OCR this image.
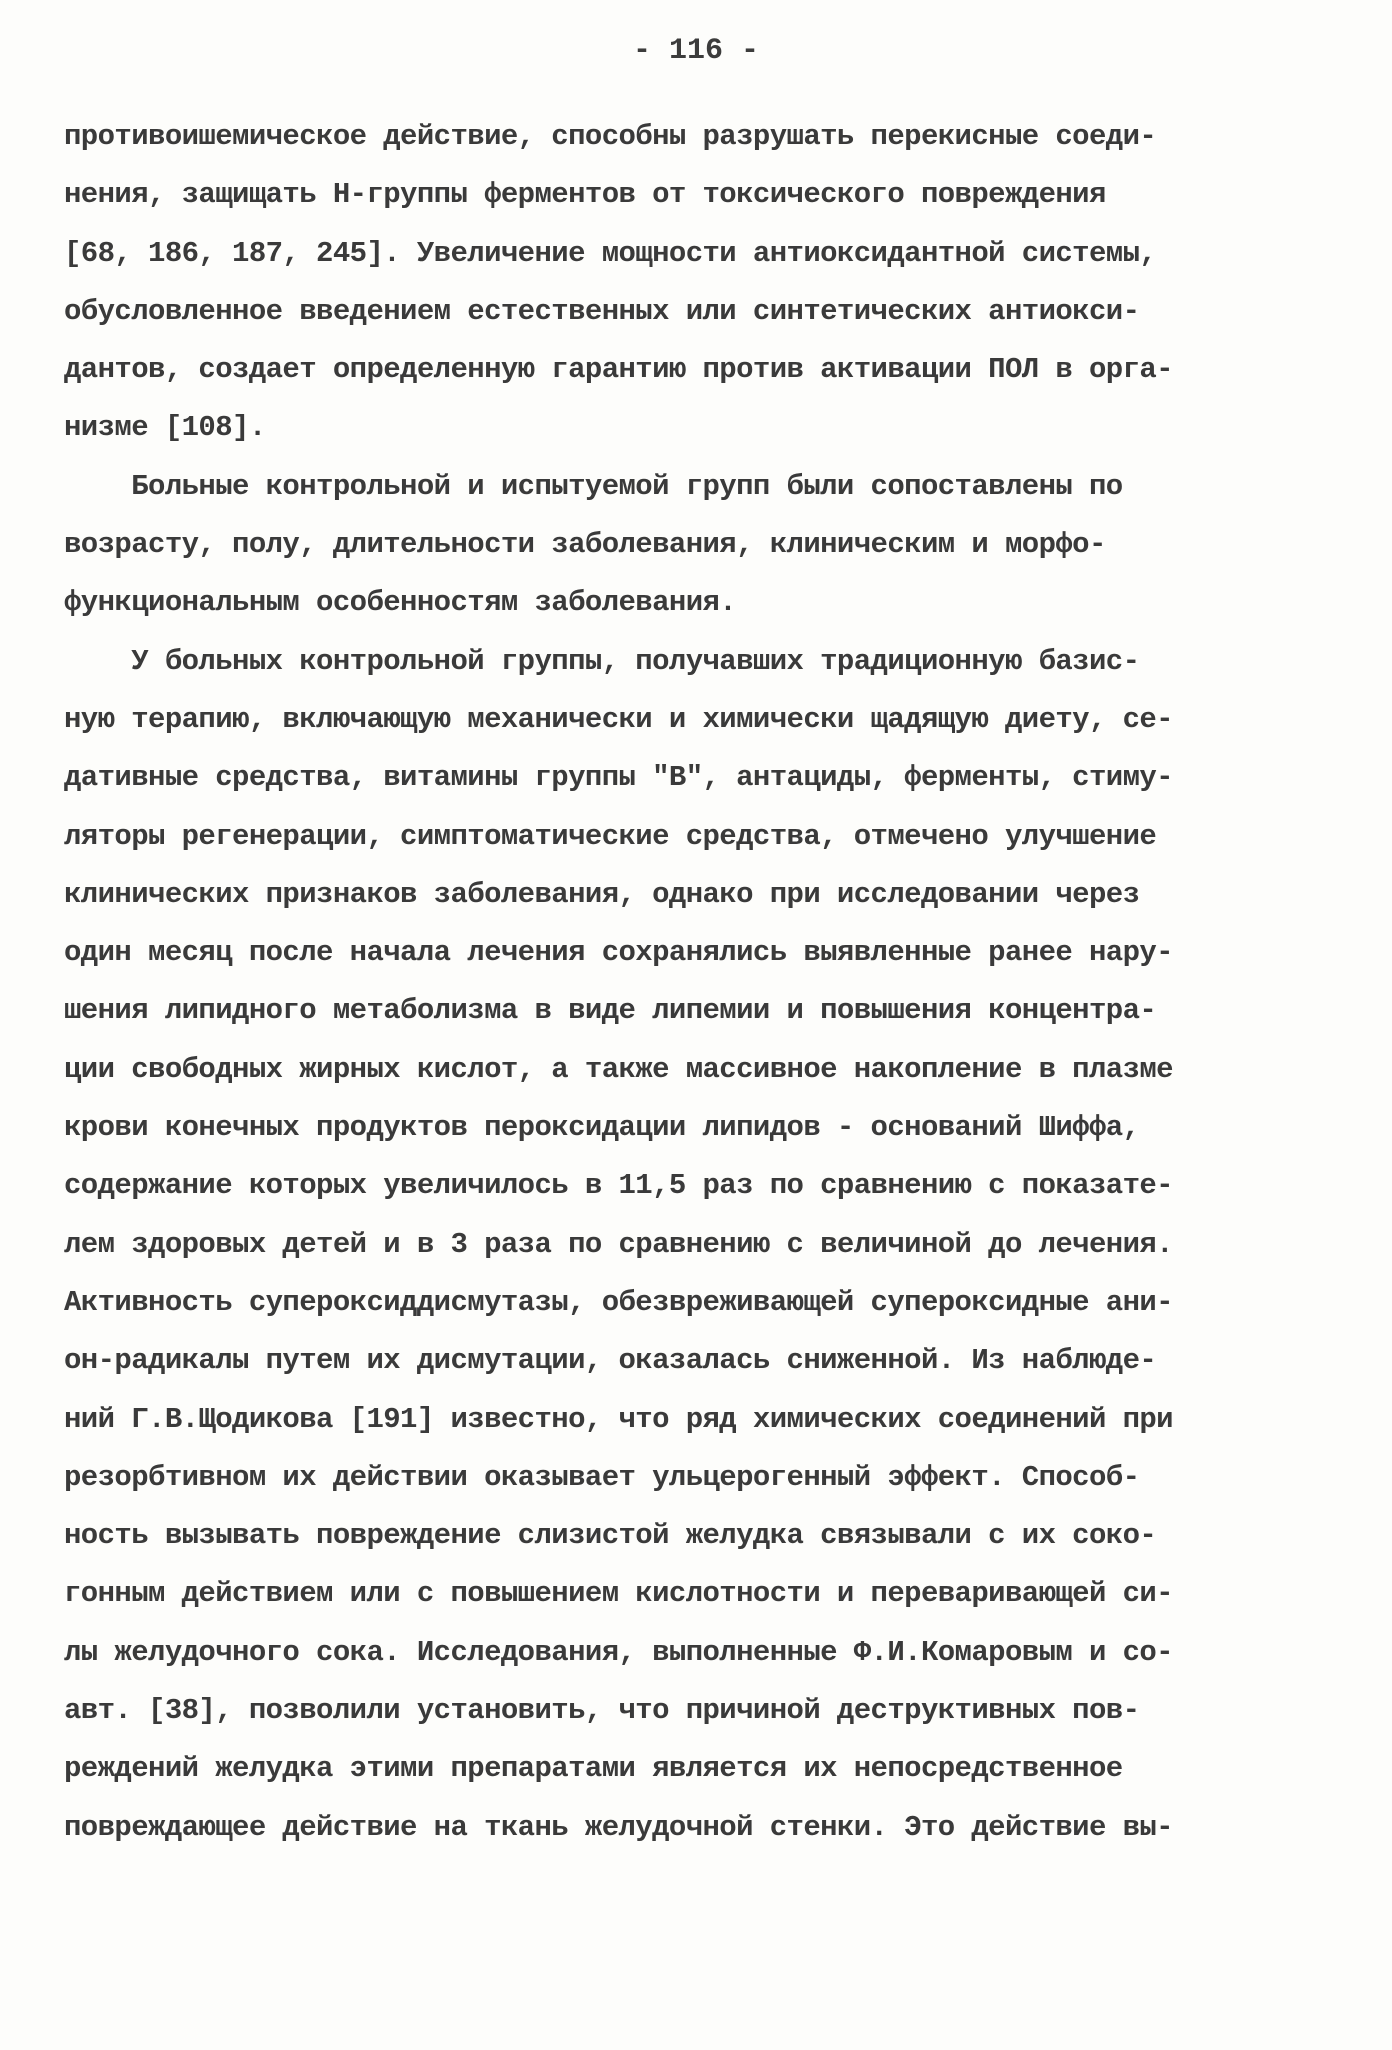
- 116 -
противоишемическое действие, способны разрушать перекисные соеди-
нения, защищать Н-группы ферментов от токсического повреждения
[68, 186, 187, 245]. Увеличение мощности антиоксидантной системы,
обусловленное введением естественных или синтетических антиокси-
дантов, создает определенную гарантию против активации ПОЛ в орга-
низме [108].
Больные контрольной и испытуемой групп были сопоставлены по
возрасту, полу, длительности заболевания, клиническим и морфо-
функциональным особенностям заболевания.
У больных контрольной группы, получавших традиционную базис-
ную терапию, включающую механически и химически щадящую диету, се-
дативные средства, витамины группы "В", антациды, ферменты, стиму-
ляторы регенерации, симптоматические средства, отмечено улучшение
клинических признаков заболевания, однако при исследовании через
один месяц после начала лечения сохранялись выявленные ранее нару-
шения липидного метаболизма в виде липемии и повышения концентра-
ции свободных жирных кислот, а также массивное накопление в плазме
крови конечных продуктов пероксидации липидов - оснований Шиффа,
содержание которых увеличилось в 11,5 раз по сравнению с показате-
лем здоровых детей и в 3 раза по сравнению с величиной до лечения.
Активность супероксиддисмутазы, обезвреживающей супероксидные ани-
он-радикалы путем их дисмутации, оказалась сниженной. Из наблюде-
ний Г.В.Щодикова [191] известно, что ряд химических соединений при
резорбтивном их действии оказывает ульцерогенный эффект. Способ-
ность вызывать повреждение слизистой желудка связывали с их соко-
гонным действием или с повышением кислотности и переваривающей си-
лы желудочного сока. Исследования, выполненные Ф.И.Комаровым и со-
авт. [38], позволили установить, что причиной деструктивных пов-
реждений желудка этими препаратами является их непосредственное
повреждающее действие на ткань желудочной стенки. Это действие вы-
